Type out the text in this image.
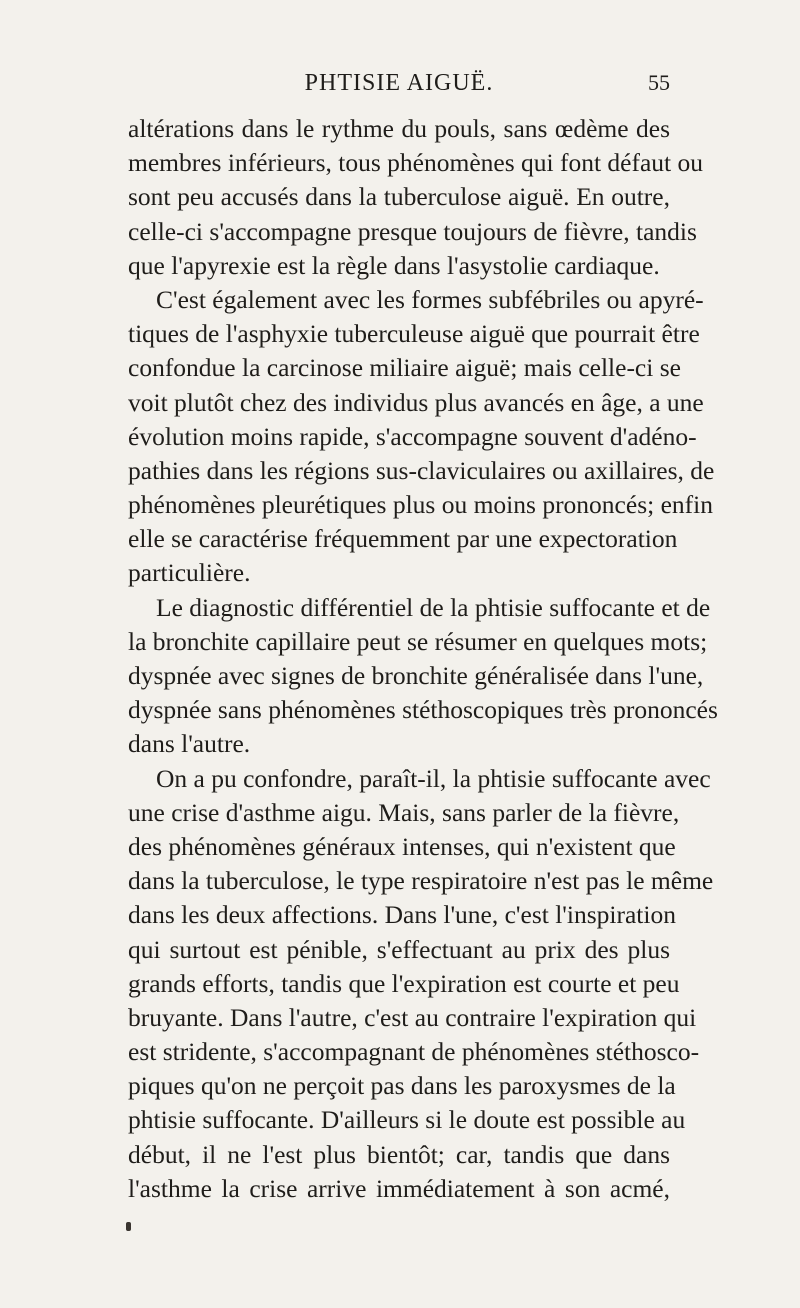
PHTISIE AIGUË.	55
altérations dans le rythme du pouls, sans œdème des
membres inférieurs, tous phénomènes qui font défaut ou
sont peu accusés dans la tuberculose aiguë. En outre,
celle-ci s'accompagne presque toujours de fièvre, tandis
que l'apyrexie est la règle dans l'asystolie cardiaque.
C'est également avec les formes subfébriles ou apyré-
tiques de l'asphyxie tuberculeuse aiguë que pourrait être
confondue la carcinose miliaire aiguë; mais celle-ci se
voit plutôt chez des individus plus avancés en âge, a une
évolution moins rapide, s'accompagne souvent d'adéno-
pathies dans les régions sus-claviculaires ou axillaires, de
phénomènes pleurétiques plus ou moins prononcés; enfin
elle se caractérise fréquemment par une expectoration
particulière.
Le diagnostic différentiel de la phtisie suffocante et de
la bronchite capillaire peut se résumer en quelques mots;
dyspnée avec signes de bronchite généralisée dans l'une,
dyspnée sans phénomènes stéthoscopiques très prononcés
dans l'autre.
On a pu confondre, paraît-il, la phtisie suffocante avec
une crise d'asthme aigu. Mais, sans parler de la fièvre,
des phénomènes généraux intenses, qui n'existent que
dans la tuberculose, le type respiratoire n'est pas le même
dans les deux affections. Dans l'une, c'est l'inspiration
qui surtout est pénible, s'effectuant au prix des plus
grands efforts, tandis que l'expiration est courte et peu
bruyante. Dans l'autre, c'est au contraire l'expiration qui
est stridente, s'accompagnant de phénomènes stéthosco-
piques qu'on ne perçoit pas dans les paroxysmes de la
phtisie suffocante. D'ailleurs si le doute est possible au
début, il ne l'est plus bientôt; car, tandis que dans
l'asthme la crise arrive immédiatement à son acmé,
